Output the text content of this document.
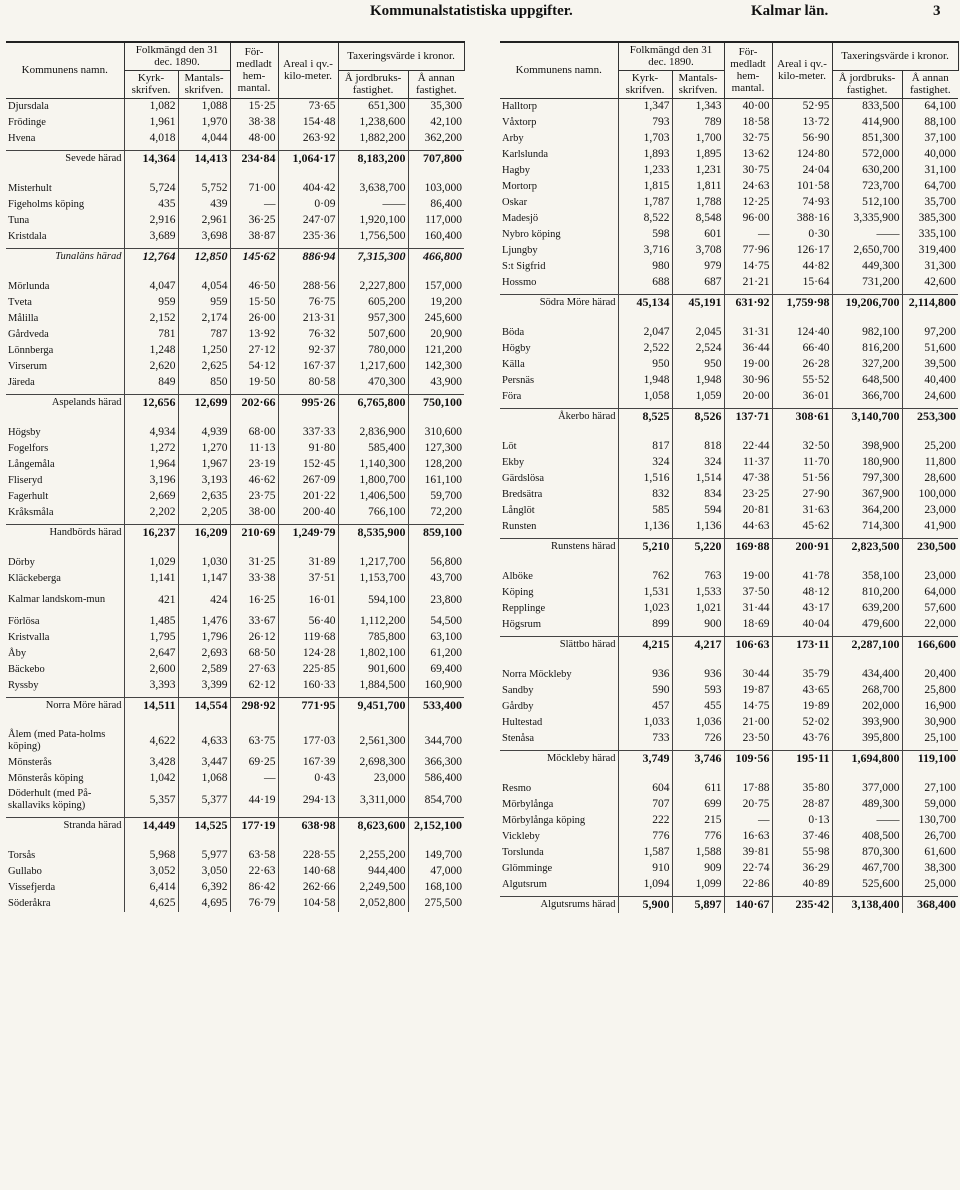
Kommunalstatistiska uppgifter.	Kalmar län.	3
Kommunens namn.	Folkmängd den 31 dec. 1890.		För-medladt hem-mantal.	Areal i qv.-kilo-meter.	Taxeringsvärde i kronor.	
	Kyrk-skrifven.	Mantals-skrifven.			Å jordbruks-fastighet.	Å annan fastighet.
Djursdala	1,082	1,088	15·25	73·65	651,300	35,300
Frödinge	1,961	1,970	38·38	154·48	1,238,600	42,100
Hvena	4,018	4,044	48·00	263·92	1,882,200	362,200

Sevede härad	14,364	14,413	234·84	1,064·17	8,183,200	707,800

Misterhult	5,724	5,752	71·00	404·42	3,638,700	103,000
Figeholms köping	435	439	—	0·09	——	86,400
Tuna	2,916	2,961	36·25	247·07	1,920,100	117,000
Kristdala	3,689	3,698	38·87	235·36	1,756,500	160,400

Tunaläns härad	12,764	12,850	145·62	886·94	7,315,300	466,800

Mörlunda	4,047	4,054	46·50	288·56	2,227,800	157,000
Tveta	959	959	15·50	76·75	605,200	19,200
Målilla	2,152	2,174	26·00	213·31	957,300	245,600
Gårdveda	781	787	13·92	76·32	507,600	20,900
Lönnberga	1,248	1,250	27·12	92·37	780,000	121,200
Virserum	2,620	2,625	54·12	167·37	1,217,600	142,300
Järeda	849	850	19·50	80·58	470,300	43,900

Aspelands härad	12,656	12,699	202·66	995·26	6,765,800	750,100

Högsby	4,934	4,939	68·00	337·33	2,836,900	310,600
Fogelfors	1,272	1,270	11·13	91·80	585,400	127,300
Långemåla	1,964	1,967	23·19	152·45	1,140,300	128,200
Fliseryd	3,196	3,193	46·62	267·09	1,800,700	161,100
Fagerhult	2,669	2,635	23·75	201·22	1,406,500	59,700
Kråksmåla	2,202	2,205	38·00	200·40	766,100	72,200

Handbörds härad	16,237	16,209	210·69	1,249·79	8,535,900	859,100

Dörby	1,029	1,030	31·25	31·89	1,217,700	56,800
Kläckeberga	1,141	1,147	33·38	37·51	1,153,700	43,700
Kalmar landskom-mun	421	424	16·25	16·01	594,100	23,800
Förlösa	1,485	1,476	33·67	56·40	1,112,200	54,500
Kristvalla	1,795	1,796	26·12	119·68	785,800	63,100
Åby	2,647	2,693	68·50	124·28	1,802,100	61,200
Bäckebo	2,600	2,589	27·63	225·85	901,600	69,400
Ryssby	3,393	3,399	62·12	160·33	1,884,500	160,900

Norra Möre härad	14,511	14,554	298·92	771·95	9,451,700	533,400

Ålem (med Pata-holms köping)	4,622	4,633	63·75	177·03	2,561,300	344,700
Mönsterås	3,428	3,447	69·25	167·39	2,698,300	366,300
Mönsterås köping	1,042	1,068	—	0·43	23,000	586,400
Döderhult (med På-skallaviks köping)	5,357	5,377	44·19	294·13	3,311,000	854,700

Stranda härad	14,449	14,525	177·19	638·98	8,623,600	2,152,100

Torsås	5,968	5,977	63·58	228·55	2,255,200	149,700
Gullabo	3,052	3,050	22·63	140·68	944,400	47,000
Vissefjerda	6,414	6,392	86·42	262·66	2,249,500	168,100
Söderåkra	4,625	4,695	76·79	104·58	2,052,800	275,500
Kommunens namn.	Folkmängd den 31 dec. 1890.		För-medladt hem-mantal.	Areal i qv.-kilo-meter.	Taxeringsvärde i kronor.	
	Kyrk-skrifven.	Mantals-skrifven.			Å jordbruks-fastighet.	Å annan fastighet.
Halltorp	1,347	1,343	40·00	52·95	833,500	64,100
Våxtorp	793	789	18·58	13·72	414,900	88,100
Arby	1,703	1,700	32·75	56·90	851,300	37,100
Karlslunda	1,893	1,895	13·62	124·80	572,000	40,000
Hagby	1,233	1,231	30·75	24·04	630,200	31,100
Mortorp	1,815	1,811	24·63	101·58	723,700	64,700
Oskar	1,787	1,788	12·25	74·93	512,100	35,700
Madesjö	8,522	8,548	96·00	388·16	3,335,900	385,300
Nybro köping	598	601	—	0·30	——	335,100
Ljungby	3,716	3,708	77·96	126·17	2,650,700	319,400
S:t Sigfrid	980	979	14·75	44·82	449,300	31,300
Hossmo	688	687	21·21	15·64	731,200	42,600

Södra Möre härad	45,134	45,191	631·92	1,759·98	19,206,700	2,114,800

Böda	2,047	2,045	31·31	124·40	982,100	97,200
Högby	2,522	2,524	36·44	66·40	816,200	51,600
Källa	950	950	19·00	26·28	327,200	39,500
Persnäs	1,948	1,948	30·96	55·52	648,500	40,400
Föra	1,058	1,059	20·00	36·01	366,700	24,600

Åkerbo härad	8,525	8,526	137·71	308·61	3,140,700	253,300

Löt	817	818	22·44	32·50	398,900	25,200
Ekby	324	324	11·37	11·70	180,900	11,800
Gärdslösa	1,516	1,514	47·38	51·56	797,300	28,600
Bredsätra	832	834	23·25	27·90	367,900	100,000
Långlöt	585	594	20·81	31·63	364,200	23,000
Runsten	1,136	1,136	44·63	45·62	714,300	41,900

Runstens härad	5,210	5,220	169·88	200·91	2,823,500	230,500

Alböke	762	763	19·00	41·78	358,100	23,000
Köping	1,531	1,533	37·50	48·12	810,200	64,000
Repplinge	1,023	1,021	31·44	43·17	639,200	57,600
Högsrum	899	900	18·69	40·04	479,600	22,000

Slättbo härad	4,215	4,217	106·63	173·11	2,287,100	166,600

Norra Möckleby	936	936	30·44	35·79	434,400	20,400
Sandby	590	593	19·87	43·65	268,700	25,800
Gårdby	457	455	14·75	19·89	202,000	16,900
Hultestad	1,033	1,036	21·00	52·02	393,900	30,900
Stenåsa	733	726	23·50	43·76	395,800	25,100

Möckleby härad	3,749	3,746	109·56	195·11	1,694,800	119,100

Resmo	604	611	17·88	35·80	377,000	27,100
Mörbylånga	707	699	20·75	28·87	489,300	59,000
Mörbylånga köping	222	215	—	0·13	——	130,700
Vickleby	776	776	16·63	37·46	408,500	26,700
Torslunda	1,587	1,588	39·81	55·98	870,300	61,600
Glömminge	910	909	22·74	36·29	467,700	38,300
Algutsrum	1,094	1,099	22·86	40·89	525,600	25,000

Algutsrums härad	5,900	5,897	140·67	235·42	3,138,400	368,400
